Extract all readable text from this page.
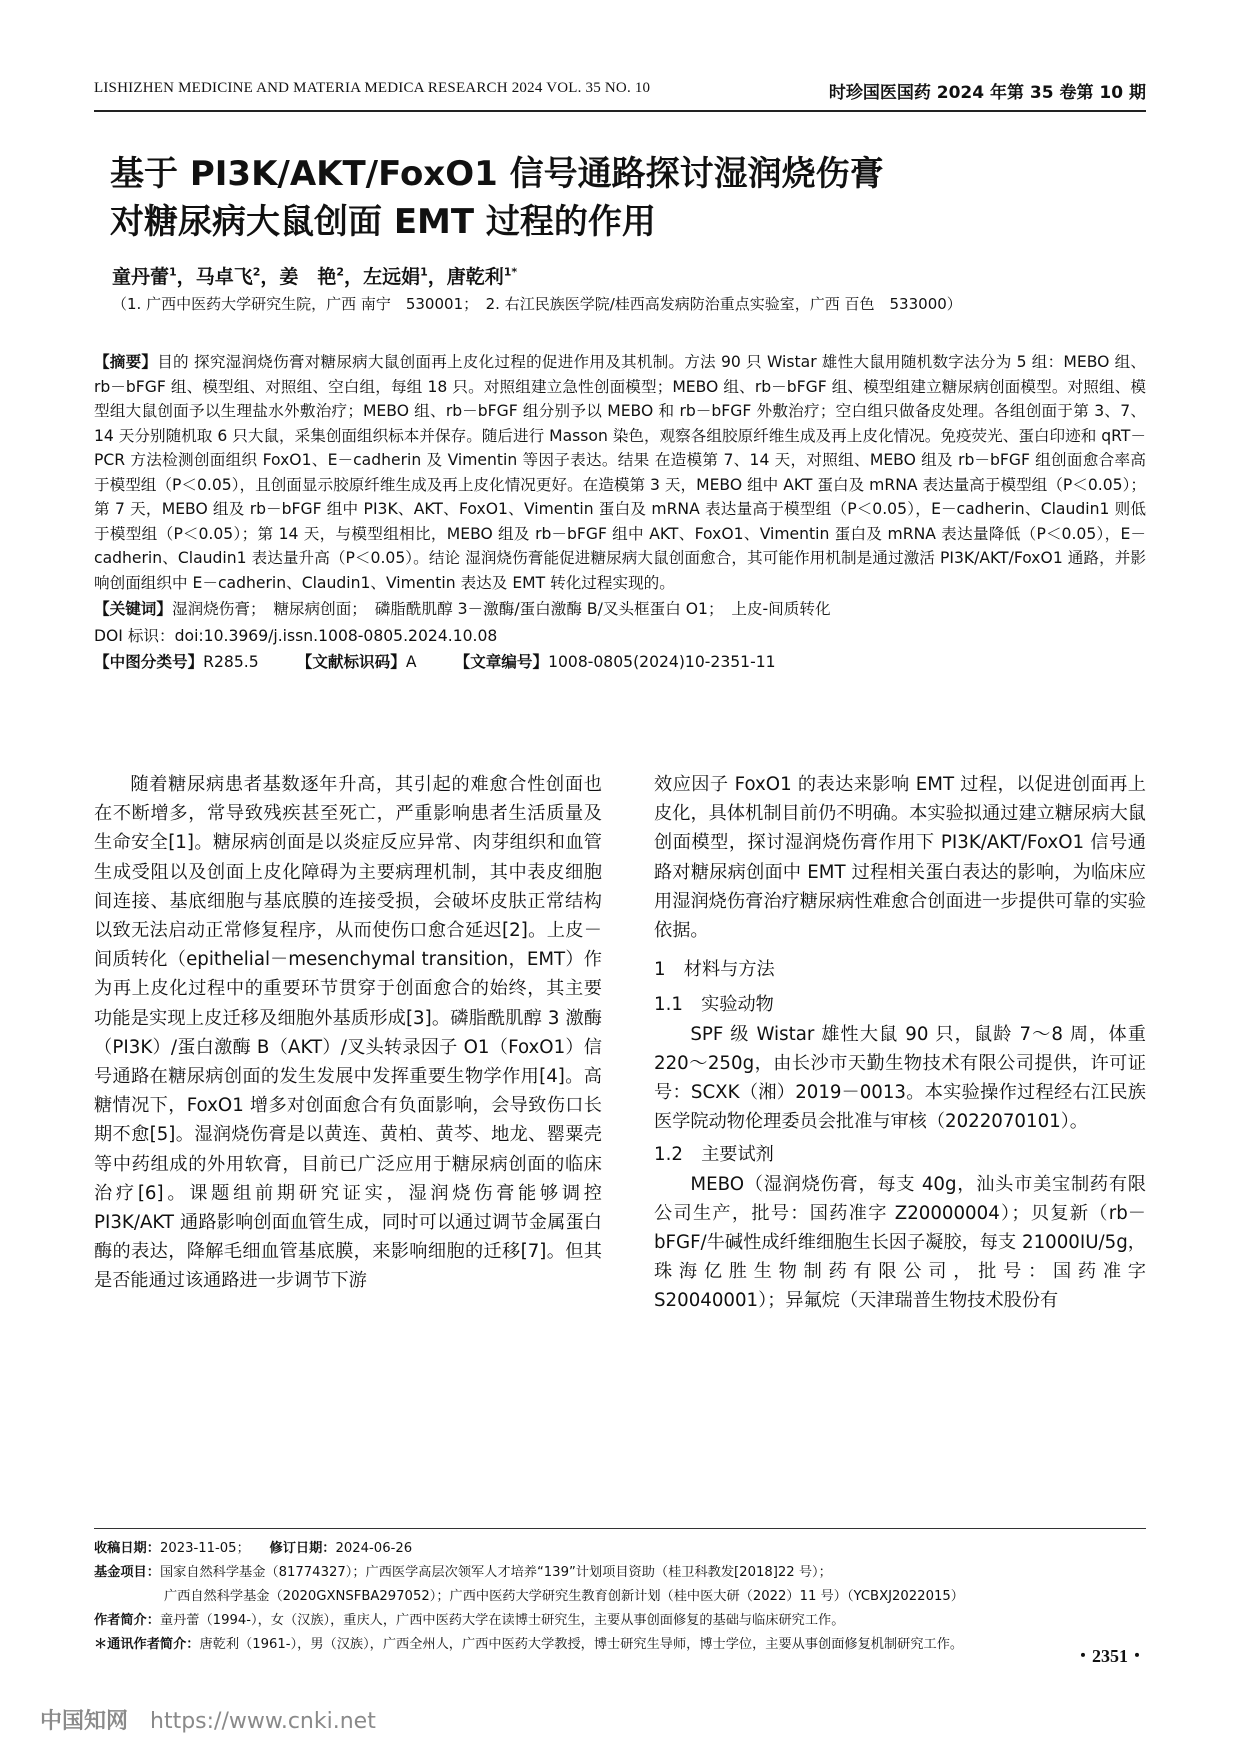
LISHIZHEN MEDICINE AND MATERIA MEDICA RESEARCH 2024 VOL. 35 NO. 10	时珍国医国药 2024 年第 35 卷第 10 期
基于 PI3K/AKT/FoxO1 信号通路探讨湿润烧伤膏
对糖尿病大鼠创面 EMT 过程的作用
童丹蕾$^1$，马卓飞$^2$，姜　艳$^2$，左远娟$^1$，唐乾利$^{1*}$
（1. 广西中医药大学研究生院，广西 南宁　530001；　2. 右江民族医学院/桂西高发病防治重点实验室，广西 百色　533000）
【摘要】目的 探究湿润烧伤膏对糖尿病大鼠创面再上皮化过程的促进作用及其机制。方法 90 只 Wistar 雄性大鼠用随机数字法分为 5 组：MEBO 组、rb－bFGF 组、模型组、对照组、空白组，每组 18 只。对照组建立急性创面模型；MEBO 组、rb－bFGF 组、模型组建立糖尿病创面模型。对照组、模型组大鼠创面予以生理盐水外敷治疗；MEBO 组、rb－bFGF 组分别予以 MEBO 和 rb－bFGF 外敷治疗；空白组只做备皮处理。各组创面于第 3、7、14 天分别随机取 6 只大鼠，采集创面组织标本并保存。随后进行 Masson 染色，观察各组胶原纤维生成及再上皮化情况。免疫荧光、蛋白印迹和 qRT－PCR 方法检测创面组织 FoxO1、E－cadherin 及 Vimentin 等因子表达。结果 在造模第 7、14 天，对照组、MEBO 组及 rb－bFGF 组创面愈合率高于模型组（P＜0.05），且创面显示胶原纤维生成及再上皮化情况更好。在造模第 3 天，MEBO 组中 AKT 蛋白及 mRNA 表达量高于模型组（P＜0.05）；第 7 天，MEBO 组及 rb－bFGF 组中 PI3K、AKT、FoxO1、Vimentin 蛋白及 mRNA 表达量高于模型组（P＜0.05），E－cadherin、Claudin1 则低于模型组（P＜0.05）；第 14 天，与模型组相比，MEBO 组及 rb－bFGF 组中 AKT、FoxO1、Vimentin 蛋白及 mRNA 表达量降低（P＜0.05），E－cadherin、Claudin1 表达量升高（P＜0.05）。结论 湿润烧伤膏能促进糖尿病大鼠创面愈合，其可能作用机制是通过激活 PI3K/AKT/FoxO1 通路，并影响创面组织中 E－cadherin、Claudin1、Vimentin 表达及 EMT 转化过程实现的。
【关键词】湿润烧伤膏；　糖尿病创面；　磷脂酰肌醇 3－激酶/蛋白激酶 B/叉头框蛋白 O1；　上皮-间质转化
DOI 标识：doi:10.3969/j.issn.1008-0805.2024.10.08
【中图分类号】R285.5 【文献标识码】A 【文章编号】1008-0805(2024)10-2351-11

随着糖尿病患者基数逐年升高，其引起的难愈合性创面也在不断增多，常导致残疾甚至死亡，严重影响患者生活质量及生命安全[1]。糖尿病创面是以炎症反应异常、肉芽组织和血管生成受阻以及创面上皮化障碍为主要病理机制，其中表皮细胞间连接、基底细胞与基底膜的连接受损，会破坏皮肤正常结构以致无法启动正常修复程序，从而使伤口愈合延迟[2]。上皮－间质转化（epithelial－mesenchymal transition，EMT）作为再上皮化过程中的重要环节贯穿于创面愈合的始终，其主要功能是实现上皮迁移及细胞外基质形成[3]。磷脂酰肌醇 3 激酶（PI3K）/蛋白激酶 B（AKT）/叉头转录因子 O1（FoxO1）信号通路在糖尿病创面的发生发展中发挥重要生物学作用[4]。高糖情况下，FoxO1 增多对创面愈合有负面影响，会导致伤口长期不愈[5]。湿润烧伤膏是以黄连、黄柏、黄芩、地龙、罂粟壳等中药组成的外用软膏，目前已广泛应用于糖尿病创面的临床治疗[6]。课题组前期研究证实，湿润烧伤膏能够调控 PI3K/AKT 通路影响创面血管生成，同时可以通过调节金属蛋白酶的表达，降解毛细血管基底膜，来影响细胞的迁移[7]。但其是否能通过该通路进一步调节下游

效应因子 FoxO1 的表达来影响 EMT 过程，以促进创面再上皮化，具体机制目前仍不明确。本实验拟通过建立糖尿病大鼠创面模型，探讨湿润烧伤膏作用下 PI3K/AKT/FoxO1 信号通路对糖尿病创面中 EMT 过程相关蛋白表达的影响，为临床应用湿润烧伤膏治疗糖尿病性难愈合创面进一步提供可靠的实验依据。

1　材料与方法
1.1　实验动物

SPF 级 Wistar 雄性大鼠 90 只，鼠龄 7～8 周，体重 220～250g，由长沙市天勤生物技术有限公司提供，许可证号：SCXK（湘）2019－0013。本实验操作过程经右江民族医学院动物伦理委员会批准与审核（2022070101）。

1.2　主要试剂

MEBO（湿润烧伤膏，每支 40g，汕头市美宝制药有限公司生产，批号：国药准字 Z20000004）；贝复新（rb－bFGF/牛碱性成纤维细胞生长因子凝胶，每支 21000IU/5g，珠海亿胜生物制药有限公司，批号：国药准字 S20040001）；异氟烷（天津瑞普生物技术股份有

收稿日期：2023-11-05；　　 修订日期：2024-06-26
基金项目：国家自然科学基金（81774327）；广西医学高层次领军人才培养“139”计划项目资助（桂卫科教发[2018]22 号）；
广西自然科学基金（2020GXNSFBA297052）；广西中医药大学研究生教育创新计划（桂中医大研（2022）11 号）（YCBXJ2022015）
作者简介：童丹蕾（1994-），女（汉族），重庆人，广西中医药大学在读博士研究生，主要从事创面修复的基础与临床研究工作。
＊通讯作者简介：唐乾利（1961-），男（汉族），广西全州人，广西中医药大学教授，博士研究生导师，博士学位，主要从事创面修复机制研究工作。
・2351・
中国知网 https://www.cnki.net
